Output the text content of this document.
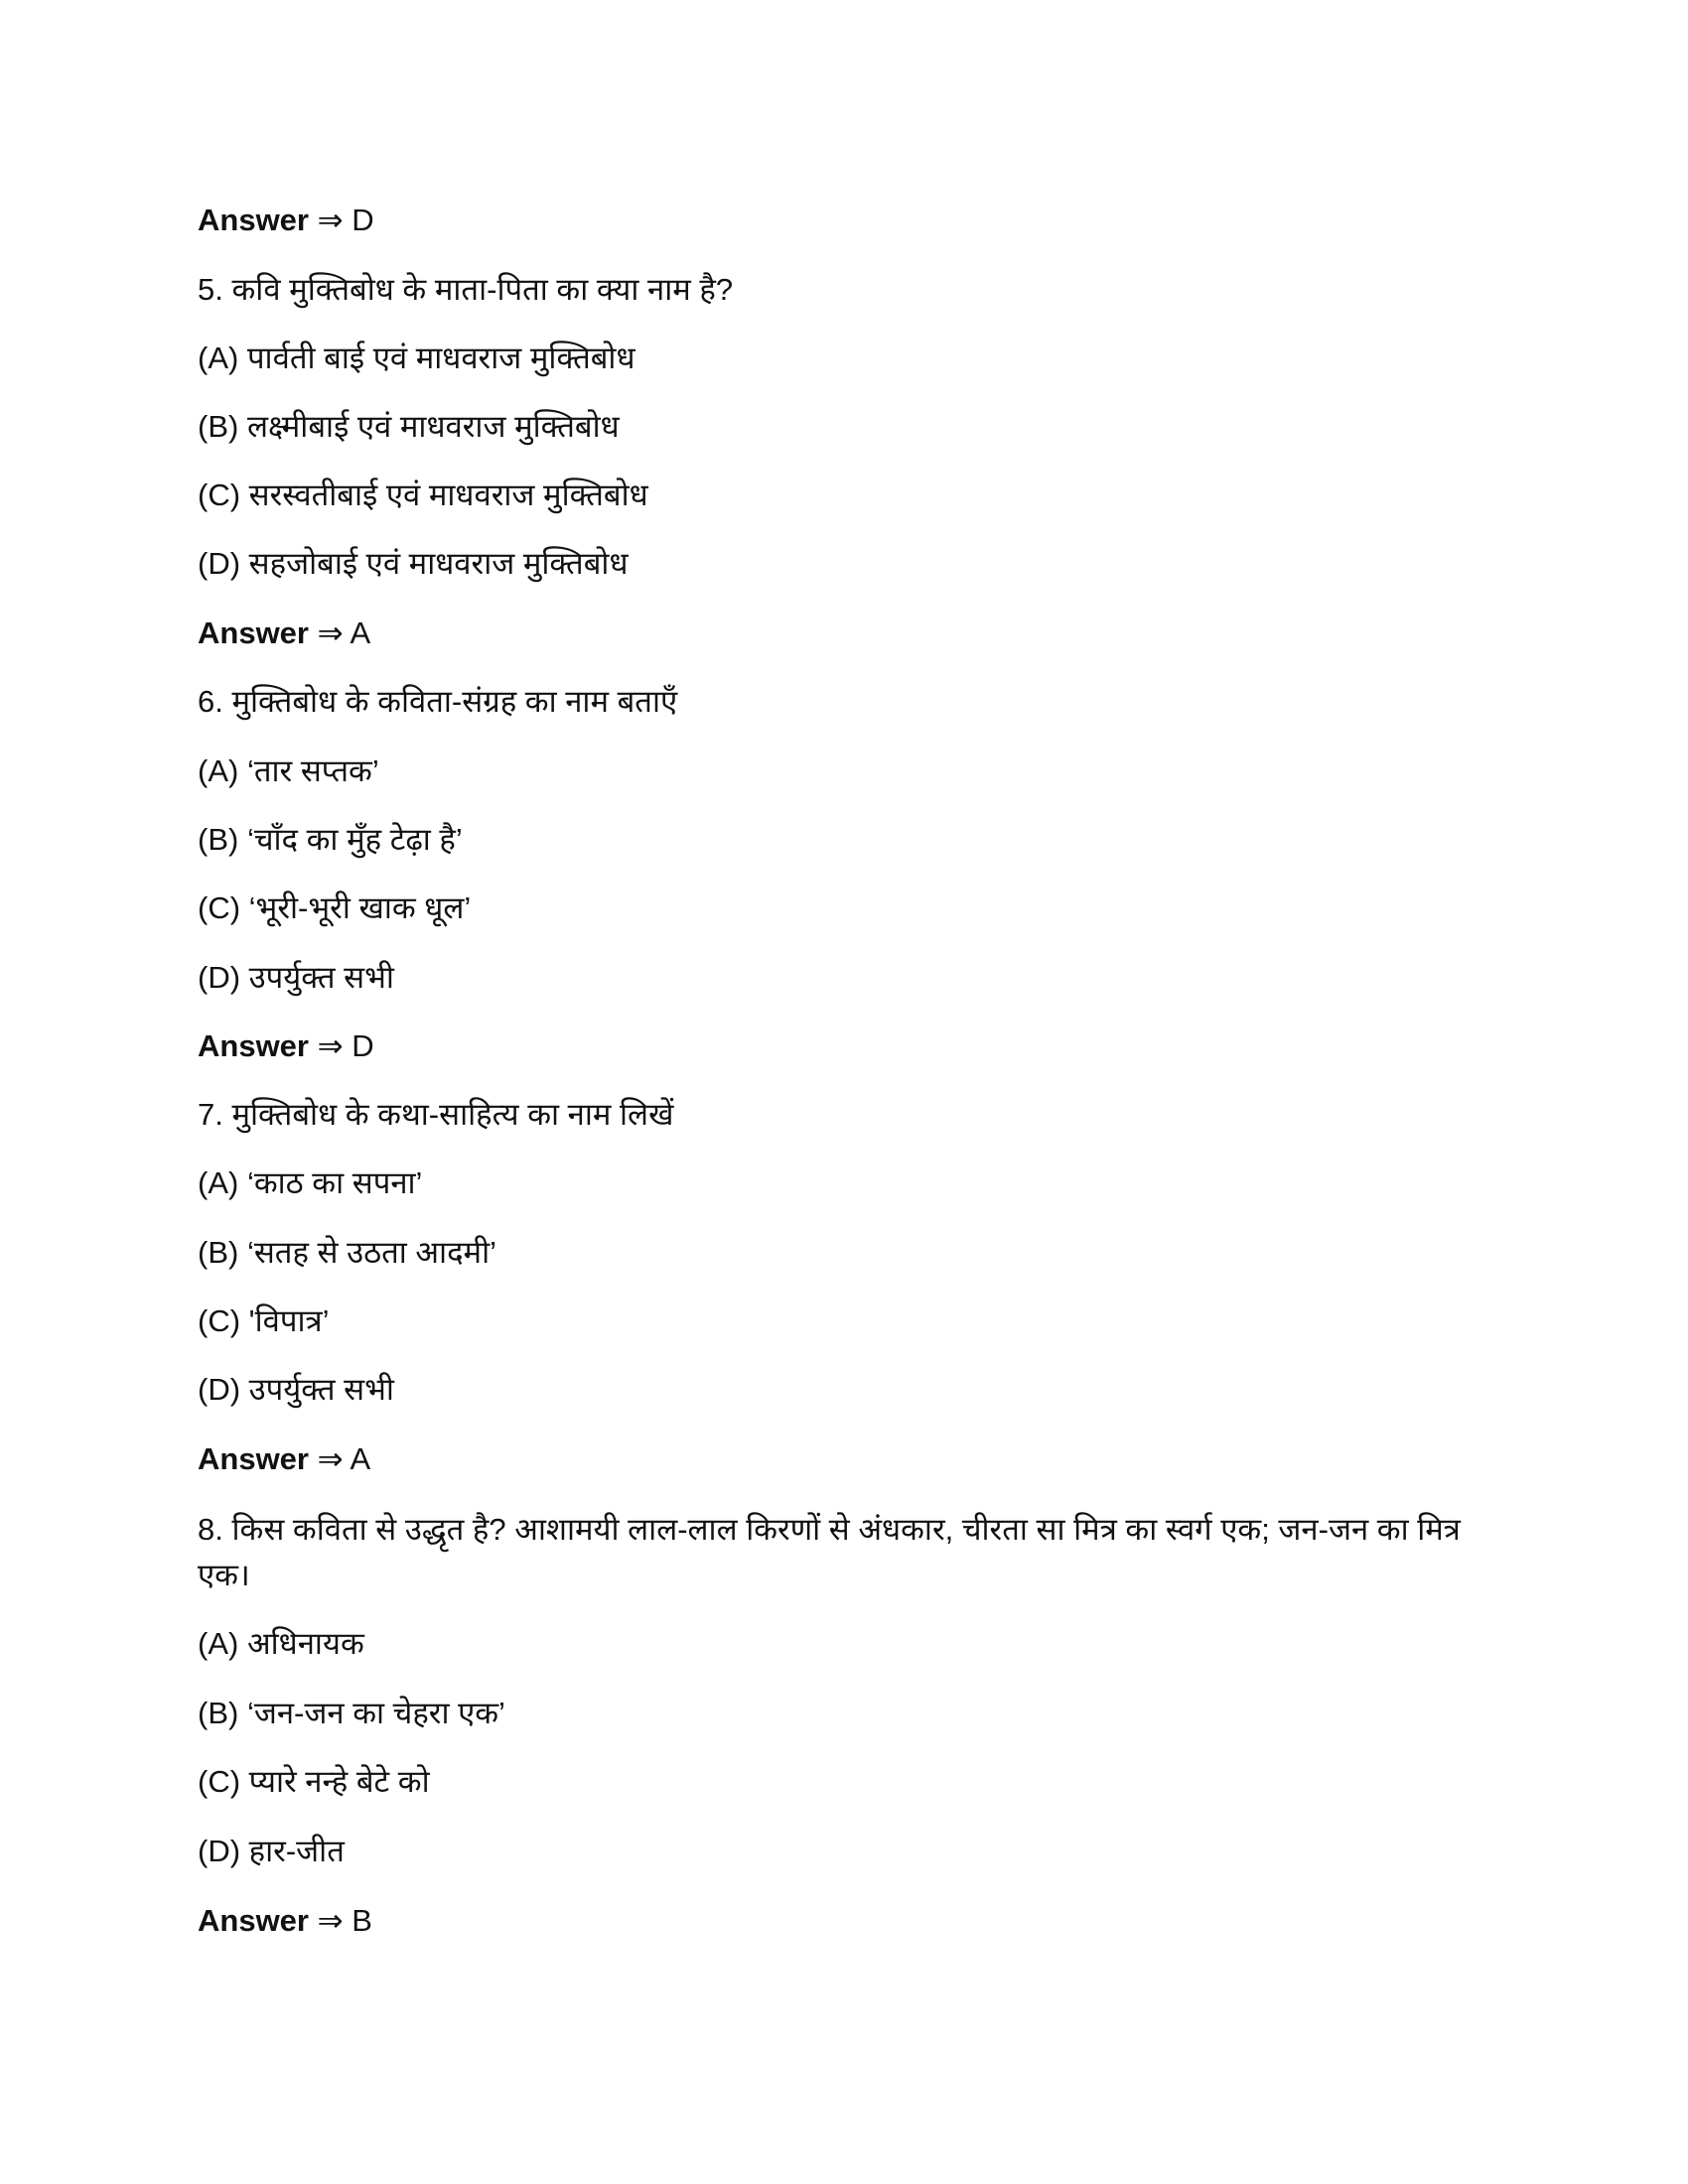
Answer ⇒ D
5. कवि मुक्तिबोध के माता-पिता का क्या नाम है?
(A) पार्वती बाई एवं माधवराज मुक्तिबोध
(B) लक्ष्मीबाई एवं माधवराज मुक्तिबोध
(C) सरस्वतीबाई एवं माधवराज मुक्तिबोध
(D) सहजोबाई एवं माधवराज मुक्तिबोध
Answer ⇒ A
6. मुक्तिबोध के कविता-संग्रह का नाम बताएँ
(A) ‘तार सप्तक’
(B) ‘चाँद का मुँह टेढ़ा है’
(C) ‘भूरी-भूरी खाक धूल’
(D) उपर्युक्त सभी
Answer ⇒ D
7. मुक्तिबोध के कथा-साहित्य का नाम लिखें
(A) ‘काठ का सपना’
(B) ‘सतह से उठता आदमी’
(C) 'विपात्र’
(D) उपर्युक्त सभी
Answer ⇒ A
8. किस कविता से उद्धृत है? आशामयी लाल-लाल किरणों से अंधकार, चीरता सा मित्र का स्वर्ग एक; जन-जन का मित्र एक।
(A) अधिनायक
(B) ‘जन-जन का चेहरा एक’
(C) प्यारे नन्हे बेटे को
(D) हार-जीत
Answer ⇒ B
